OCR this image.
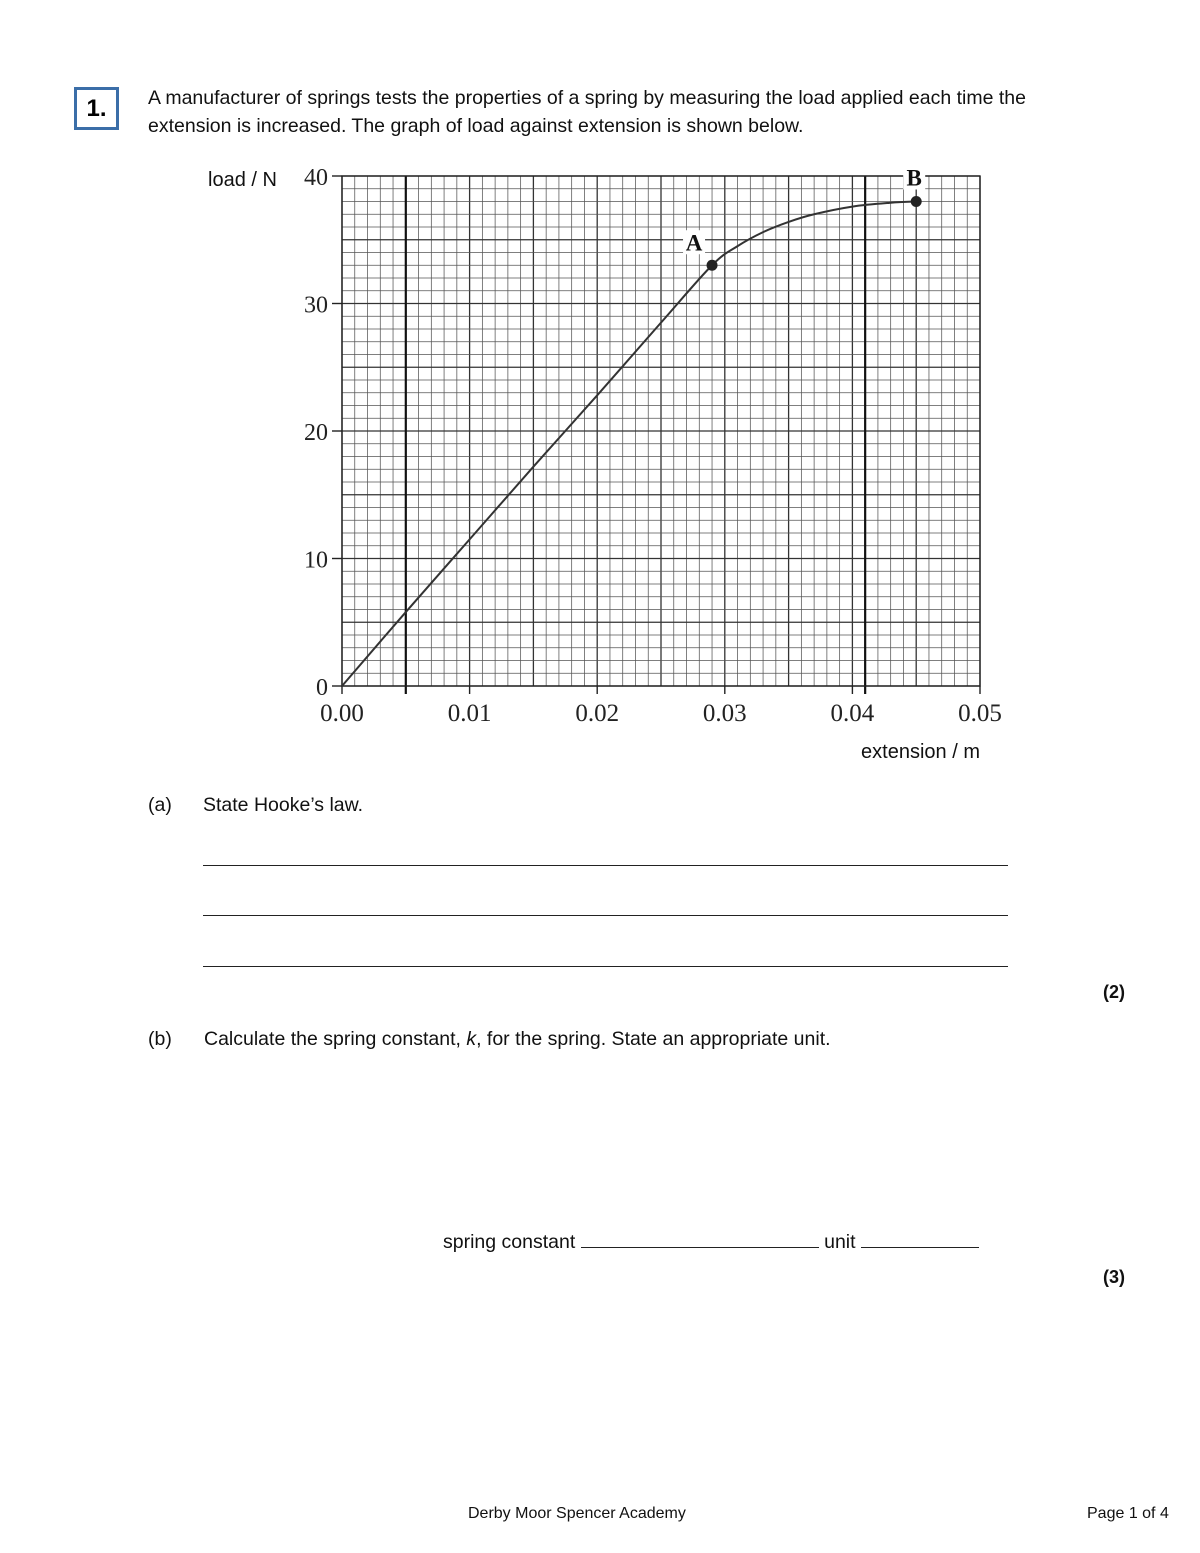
1.	A manufacturer of springs tests the properties of a spring by measuring the load applied each time the extension is increased. The graph of load against extension is shown below.
0
10
20
30
40
0.00	0.01	0.02	0.03	0.04	0.05
load / N
extension / m
A
B
(a) State Hooke’s law.
(2)
(b) Calculate the spring constant, k, for the spring. State an appropriate unit.
spring constant	unit
(3)
Derby Moor Spencer Academy	Page 1 of 4
